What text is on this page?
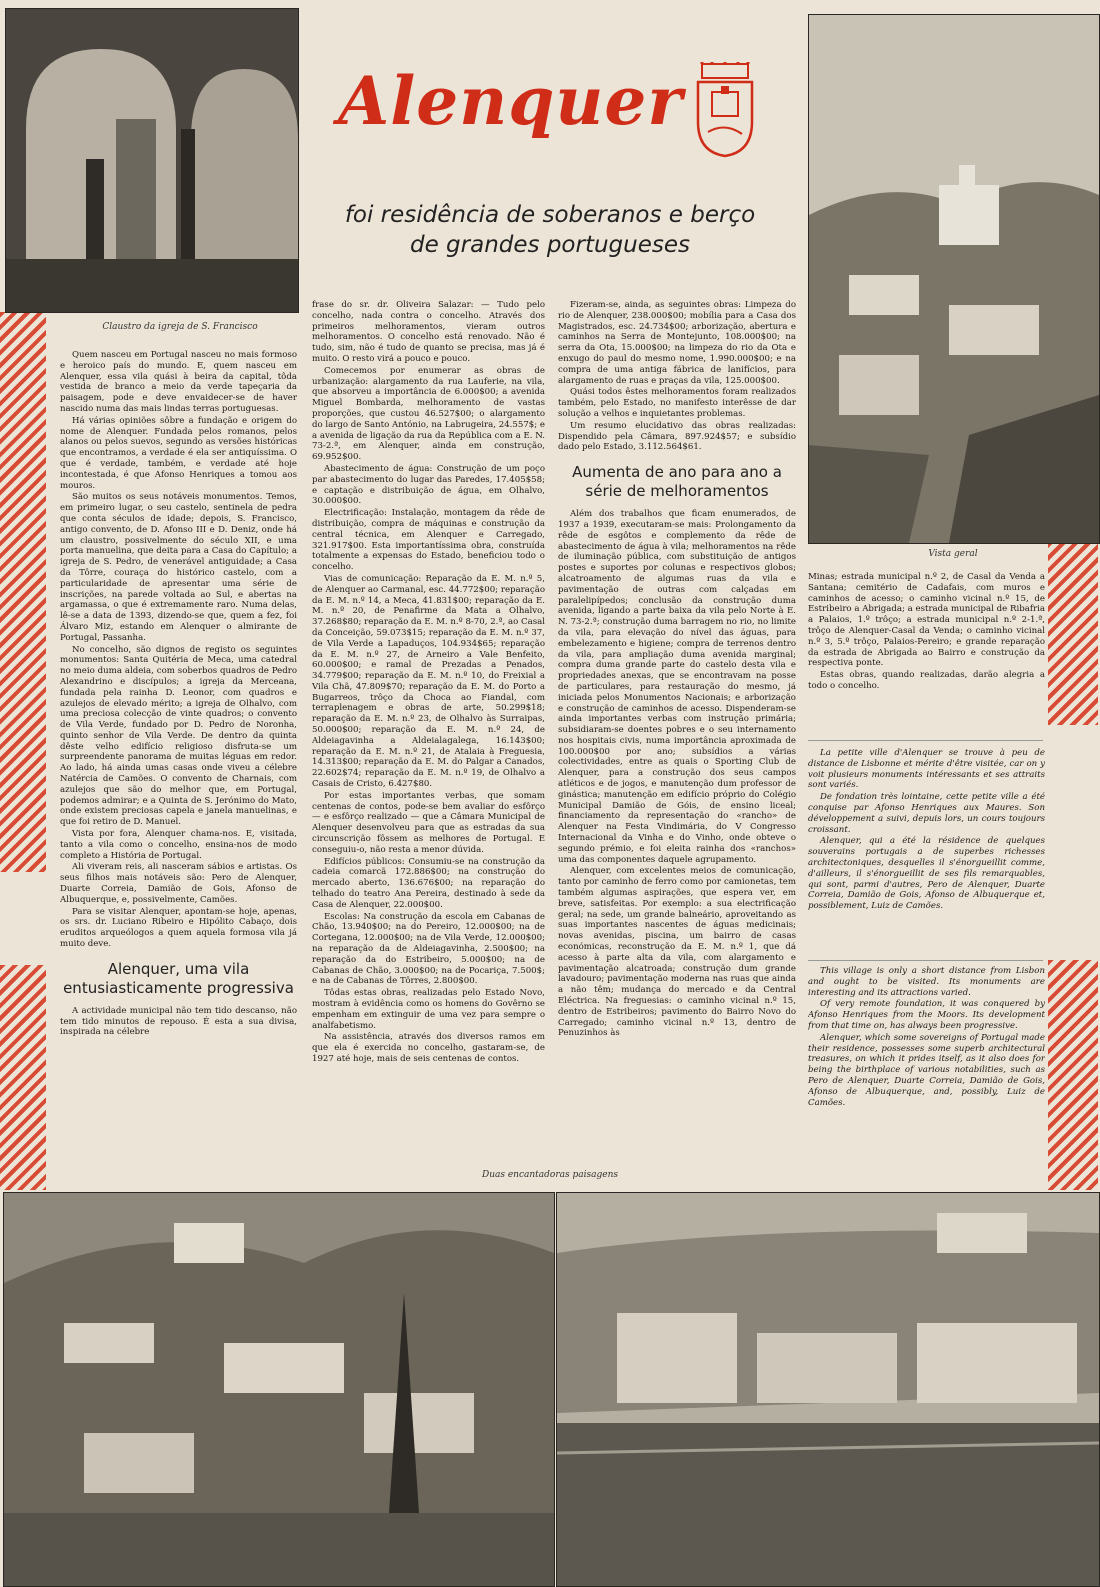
Claustro da igreja de S. Francisco
Alenquer
foi residência de soberanos e berço
de grandes portugueses
Vista geral

Quem nasceu em Portugal nasceu no mais formoso e heroico país do mundo. E, quem nasceu em Alenquer, essa vila quási à beira da capital, tôda vestida de branco a meio da verde tapeçaria da paisagem, pode e deve envaidecer-se de haver nascido numa das mais lindas terras portuguesas.

Há várias opiniões sôbre a fundação e origem do nome de Alenquer. Fundada pelos romanos, pelos alanos ou pelos suevos, segundo as versões históricas que encontramos, a verdade é ela ser antiquíssima. O que é verdade, também, e verdade até hoje incontestada, é que Afonso Henriques a tomou aos mouros.

São muitos os seus notáveis monumentos. Temos, em primeiro lugar, o seu castelo, sentinela de pedra que conta séculos de idade; depois, S. Francisco, antigo convento, de D. Afonso III e D. Deniz, onde há um claustro, possivelmente do século XII, e uma porta manuelina, que deita para a Casa do Capítulo; a igreja de S. Pedro, de venerável antiguidade; a Casa da Tôrre, couraça do histórico castelo, com a particularidade de apresentar uma série de inscrições, na parede voltada ao Sul, e abertas na argamassa, o que é extremamente raro. Numa delas, lê-se a data de 1393, dizendo-se que, quem a fez, foi Álvaro Miz, estando em Alenquer o almirante de Portugal, Passanha.

No concelho, são dignos de registo os seguintes monumentos: Santa Quitéria de Meca, uma catedral no meio duma aldeia, com soberbos quadros de Pedro Alexandrino e discípulos; a igreja da Merceana, fundada pela rainha D. Leonor, com quadros e azulejos de elevado mérito; a igreja de Olhalvo, com uma preciosa colecção de vinte quadros; o convento de Vila Verde, fundado por D. Pedro de Noronha, quinto senhor de Vila Verde. De dentro da quinta dêste velho edifício religioso disfruta-se um surpreendente panorama de muitas léguas em redor. Ao lado, há ainda umas casas onde viveu a célebre Natércia de Camões. O convento de Charnais, com azulejos que são do melhor que, em Portugal, podemos admirar; e a Quinta de S. Jerónimo do Mato, onde existem preciosas capela e janela manuelinas, e que foi retiro de D. Manuel.

Vista por fora, Alenquer chama-nos. E, visitada, tanto a vila como o concelho, ensina-nos de modo completo a História de Portugal.

Ali viveram reis, ali nasceram sábios e artistas. Os seus filhos mais notáveis são: Pero de Alenquer, Duarte Correia, Damião de Gois, Afonso de Albuquerque, e, possivelmente, Camões.

Para se visitar Alenquer, apontam-se hoje, apenas, os srs. dr. Luciano Ribeiro e Hipólito Cabaço, dois eruditos arqueólogos a quem aquela formosa vila já muito deve.

Alenquer, uma vila entusiasticamente progressiva

A actividade municipal não tem tido descanso, não tem tido minutos de repouso. É esta a sua divisa, inspirada na célebre

frase do sr. dr. Oliveira Salazar: — Tudo pelo concelho, nada contra o concelho. Através dos primeiros melhoramentos, vieram outros melhoramentos. O concelho está renovado. Não é tudo, sim, não é tudo de quanto se precisa, mas já é muito. O resto virá a pouco e pouco.

Comecemos por enumerar as obras de urbanização: alargamento da rua Lauferie, na vila, que absorveu a importância de 6.000$00; a avenida Miguel Bombarda, melhoramento de vastas proporções, que custou 46.527$00; o alargamento do largo de Santo António, na Labrugeira, 24.557$; e a avenida de ligação da rua da República com a E. N. 73-2.ª, em Alenquer, ainda em construção, 69.952$00.

Abastecimento de água: Construção de um poço par abastecimento do lugar das Paredes, 17.405$58; e captação e distribuição de água, em Olhalvo, 30.000$00.

Electrificação: Instalação, montagem da rêde de distribuição, compra de máquinas e construção da central técnica, em Alenquer e Carregado, 321.917$00. Esta importantíssima obra, construída totalmente a expensas do Estado, beneficiou todo o concelho.

Vias de comunicação: Reparação da E. M. n.º 5, de Alenquer ao Carmanal, esc. 44.772$00; reparação da E. M. n.º 14, a Meca, 41.831$00; reparação da E. M. n.º 20, de Penafirme da Mata a Olhalvo, 37.268$80; reparação da E. M. n.º 8-70, 2.ª, ao Casal da Conceição, 59.073$15; reparação da E. M. n.º 37, de Vila Verde a Lapaduços, 104.934$65; reparação da E. M. n.º 27, de Arneiro a Vale Benfeito, 60.000$00; e ramal de Prezadas a Penados, 34.779$00; reparação da E. M. n.º 10, do Freixial a Vila Chã, 47.809$70; reparação da E. M. do Porto a Bugarreos, trôço da Choca ao Fiandal, com terraplenagem e obras de arte, 50.299$18; reparação da E. M. n.º 23, de Olhalvo às Surraipas, 50.000$00; reparação da E. M. n.º 24, de Aldeiagavinha a Aldeialagalega, 16.143$00; reparação da E. M. n.º 21, de Atalaia à Freguesia, 14.313$00; reparação da E. M. do Palgar a Canados, 22.602$74; reparação da E. M. n.º 19, de Olhalvo a Casais de Cristo, 6.427$80.

Por estas importantes verbas, que somam centenas de contos, pode-se bem avaliar do esfôrço — e esfôrço realizado — que a Câmara Municipal de Alenquer desenvolveu para que as estradas da sua circunscrição fôssem as melhores de Portugal. E conseguiu-o, não resta a menor dúvida.

Edifícios públicos: Consumiu-se na construção da cadeia comarcã 172.886$00; na construção do mercado aberto, 136.676$00; na reparação do telhado do teatro Ana Pereira, destinado à sede da Casa de Alenquer, 22.000$00.

Escolas: Na construção da escola em Cabanas de Chão, 13.940$00; na do Pereiro, 12.000$00; na de Cortegana, 12.000$00; na de Vila Verde, 12.000$00; na reparação da de Aldeiagavinha, 2.500$00; na reparação da do Estribeiro, 5.000$00; na de Cabanas de Chão, 3.000$00; na de Pocariça, 7.500$; e na de Cabanas de Tôrres, 2.800$00.

Tôdas estas obras, realizadas pelo Estado Novo, mostram à evidência como os homens do Govêrno se empenham em extinguir de uma vez para sempre o analfabetismo.

Na assistência, através dos diversos ramos em que ela é exercida no concelho, gastaram-se, de 1927 até hoje, mais de seis centenas de contos.

Fizeram-se, ainda, as seguintes obras: Limpeza do rio de Alenquer, 238.000$00; mobília para a Casa dos Magistrados, esc. 24.734$00; arborização, abertura e caminhos na Serra de Montejunto, 108.000$00; na serra da Ota, 15.000$00; na limpeza do rio da Ota e enxugo do paul do mesmo nome, 1.990.000$00; e na compra de uma antiga fábrica de lanifícios, para alargamento de ruas e praças da vila, 125.000$00.

Quási todos êstes melhoramentos foram realizados também, pelo Estado, no manifesto interêsse de dar solução a velhos e inquietantes problemas.

Um resumo elucidativo das obras realizadas: Dispendido pela Câmara, 897.924$57; e subsídio dado pelo Estado, 3.112.564$61.

Aumenta de ano para ano a série de melhoramentos

Além dos trabalhos que ficam enumerados, de 1937 a 1939, executaram-se mais: Prolongamento da rêde de esgôtos e complemento da rêde de abastecimento de água à vila; melhoramentos na rêde de iluminação pública, com substituição de antigos postes e suportes por colunas e respectivos globos; alcatroamento de algumas ruas da vila e pavimentação de outras com calçadas em paralelipípedos; conclusão da construção duma avenida, ligando a parte baixa da vila pelo Norte à E. N. 73-2.ª; construção duma barragem no rio, no limite da vila, para elevação do nível das águas, para embelezamento e higiene; compra de terrenos dentro da vila, para ampliação duma avenida marginal; compra duma grande parte do castelo desta vila e propriedades anexas, que se encontravam na posse de particulares, para restauração do mesmo, já iniciada pelos Monumentos Nacionais; e arborização e construção de caminhos de acesso. Dispenderam-se ainda importantes verbas com instrução primária; subsidiaram-se doentes pobres e o seu internamento nos hospitais civis, numa importância aproximada de 100.000$00 por ano; subsídios a várias colectividades, entre as quais o Sporting Club de Alenquer, para a construção dos seus campos atléticos e de jogos, e manutenção dum professor de ginástica; manutenção em edifício próprio do Colégio Municipal Damião de Góis, de ensino liceal; financiamento da representação do «rancho» de Alenquer na Festa Vindimária, do V Congresso Internacional da Vinha e do Vinho, onde obteve o segundo prémio, e foi eleita rainha dos «ranchos» uma das componentes daquele agrupamento.

Alenquer, com excelentes meios de comunicação, tanto por caminho de ferro como por camionetas, tem também algumas aspirações, que espera ver, em breve, satisfeitas. Por exemplo: a sua electrificação geral; na sede, um grande balneário, aproveitando as suas importantes nascentes de águas medicinais; novas avenidas, piscina, um bairro de casas económicas, reconstrução da E. M. n.º 1, que dá acesso à parte alta da vila, com alargamento e pavimentação alcatroada; construção dum grande lavadouro; pavimentação moderna nas ruas que ainda a não têm; mudança do mercado e da Central Eléctrica. Na freguesias: o caminho vicinal n.º 15, dentro de Estribeiros; pavimento do Bairro Novo do Carregado; caminho vicinal n.º 13, dentro de Penuzinhos às

Minas; estrada municipal n.º 2, de Casal da Venda a Santana; cemitério de Cadafais, com muros e caminhos de acesso; o caminho vicinal n.º 15, de Estribeiro a Abrigada; a estrada municipal de Ribafria a Palaios, 1.º trôço; a estrada municipal n.º 2-1.ª, trôço de Alenquer-Casal da Venda; o caminho vicinal n.º 3, 5.º trôço, Palaios-Pereiro; e grande reparação da estrada de Abrigada ao Bairro e construção da respectiva ponte.

Estas obras, quando realizadas, darão alegria a todo o concelho.

La petite ville d'Alenquer se trouve à peu de distance de Lisbonne et mérite d'être visitée, car on y voit plusieurs monuments intéressants et ses attraits sont variés.

De fondation très lointaine, cette petite ville a été conquise par Afonso Henriques aux Maures. Son développement a suivi, depuis lors, un cours toujours croissant.

Alenquer, qui a été la résidence de quelques souverains portugais a de superbes richesses architectoniques, desquelles il s'énorgueillit comme, d'ailleurs, il s'énorgueillit de ses fils remarquables, qui sont, parmi d'autres, Pero de Alenquer, Duarte Correia, Damião de Gois, Afonso de Albuquerque et, possiblement, Luiz de Camões.

This village is only a short distance from Lisbon and ought to be visited. Its monuments are interesting and its attractions varied.

Of very remote foundation, it was conquered by Afonso Henriques from the Moors. Its development from that time on, has always been progressive.

Alenquer, which some sovereigns of Portugal made their residence, possesses some superb architectural treasures, on which it prides itself, as it also does for being the birthplace of various notabilities, such as Pero de Alenquer, Duarte Correia, Damião de Gois, Afonso de Albuquerque, and, possibly, Luiz de Camões.

Duas encantadoras paisagens
